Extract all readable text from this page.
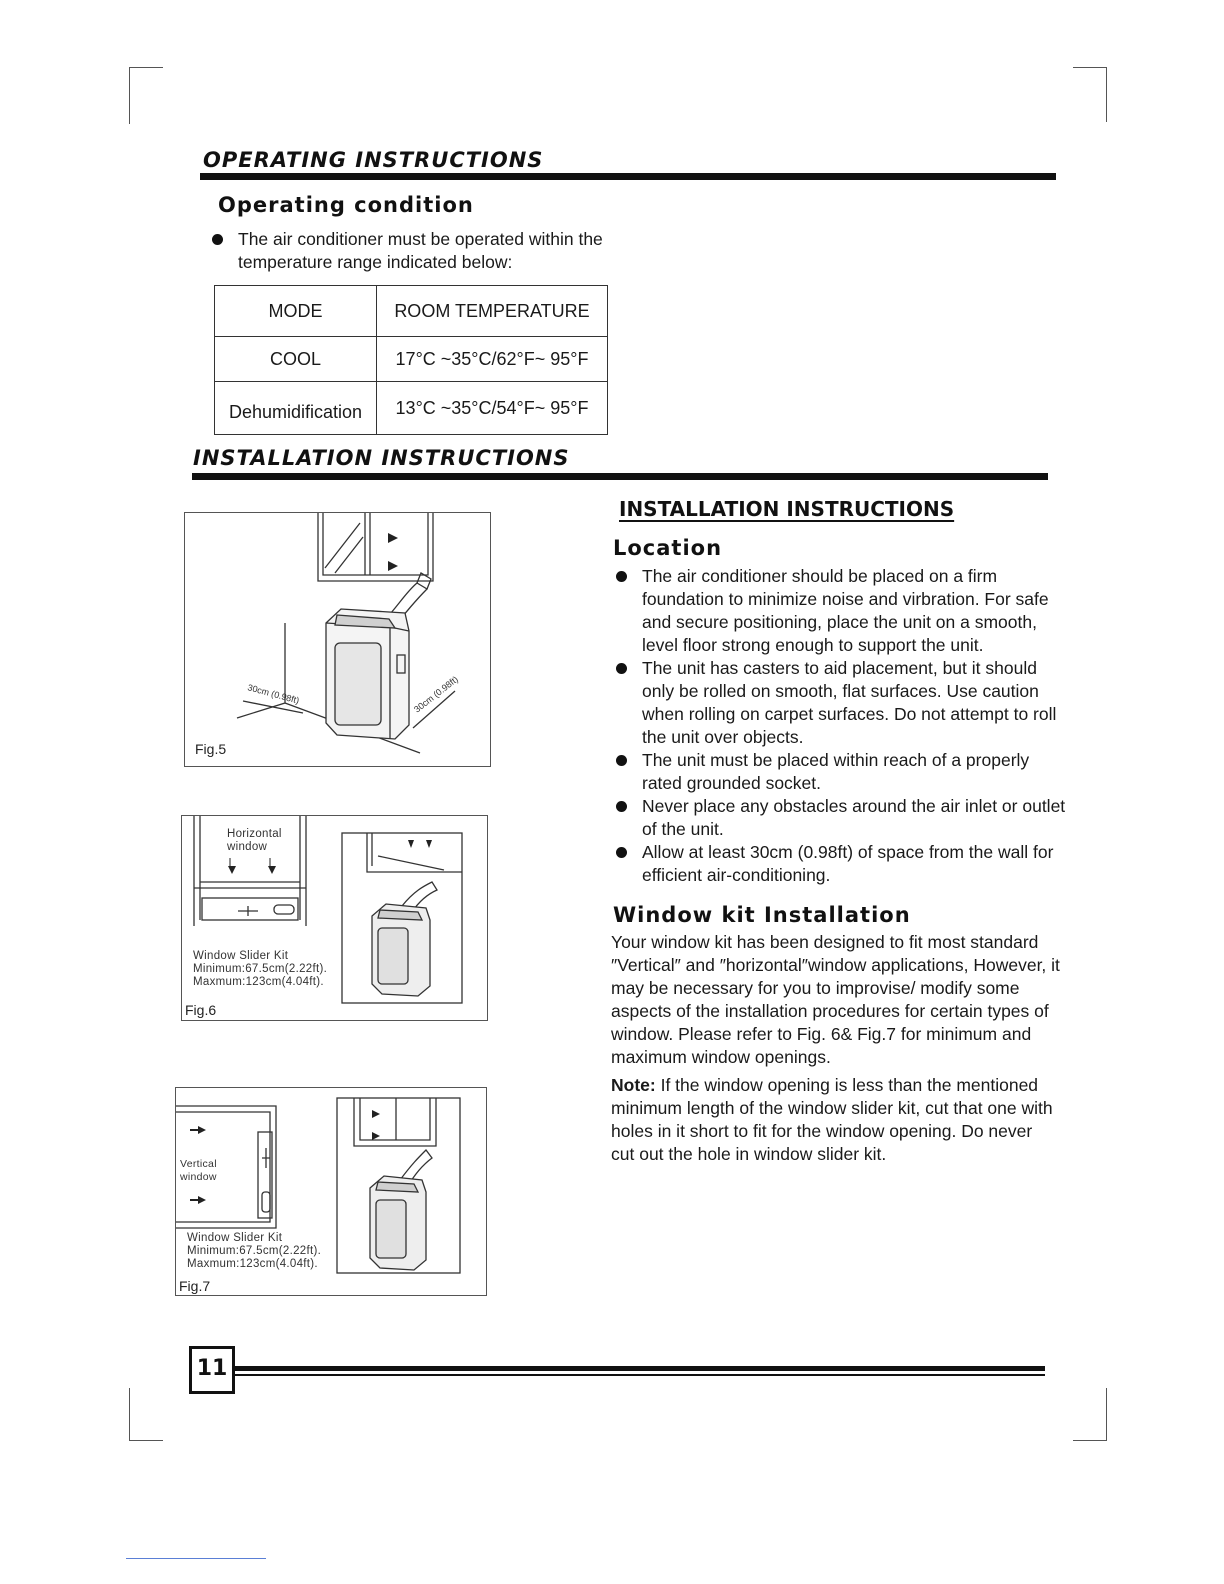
OPERATING INSTRUCTIONS
Operating condition
The air conditioner must be operated within the temperature range indicated below:
MODE	ROOM TEMPERATURE
COOL	17°C ~35°C/62°F~ 95°F
Dehumidification	13°C ~35°C/54°F~ 95°F
INSTALLATION INSTRUCTIONS
INSTALLATION INSTRUCTIONS
Location
The air conditioner should be placed on a firm foundation to minimize noise and virbration. For safe and secure positioning, place the unit on a smooth, level floor strong enough to support the unit.
The unit has casters to aid placement, but it should only be rolled on smooth, flat surfaces. Use caution when rolling on carpet surfaces. Do not attempt to roll the unit over objects.
The unit must be placed within reach of a properly rated grounded socket.
Never place any obstacles around the air inlet or outlet of the unit.
Allow at least 30cm (0.98ft) of space from the wall for efficient air-conditioning.
Window kit Installation

Your window kit has been designed to fit most standard ″Vertical″ and ″horizontal″window applications, However, it may be necessary for you to improvise/ modify some aspects of the installation procedures for certain types of window. Please refer to Fig. 6& Fig.7 for minimum and maximum window openings.

Note: If the window opening is less than the mentioned minimum length of the window slider kit, cut that one with holes in it short to fit for the window opening. Do never cut out the hole in window slider kit.

30cm (0.98ft)	30cm (0.98ft)
Fig.5
Horizontal
window
Window Slider Kit
Minimum:67.5cm(2.22ft).
Maxmum:123cm(4.04ft).
Fig.6
Vertical
window
Window Slider Kit
Minimum:67.5cm(2.22ft).
Maxmum:123cm(4.04ft).
Fig.7
11
